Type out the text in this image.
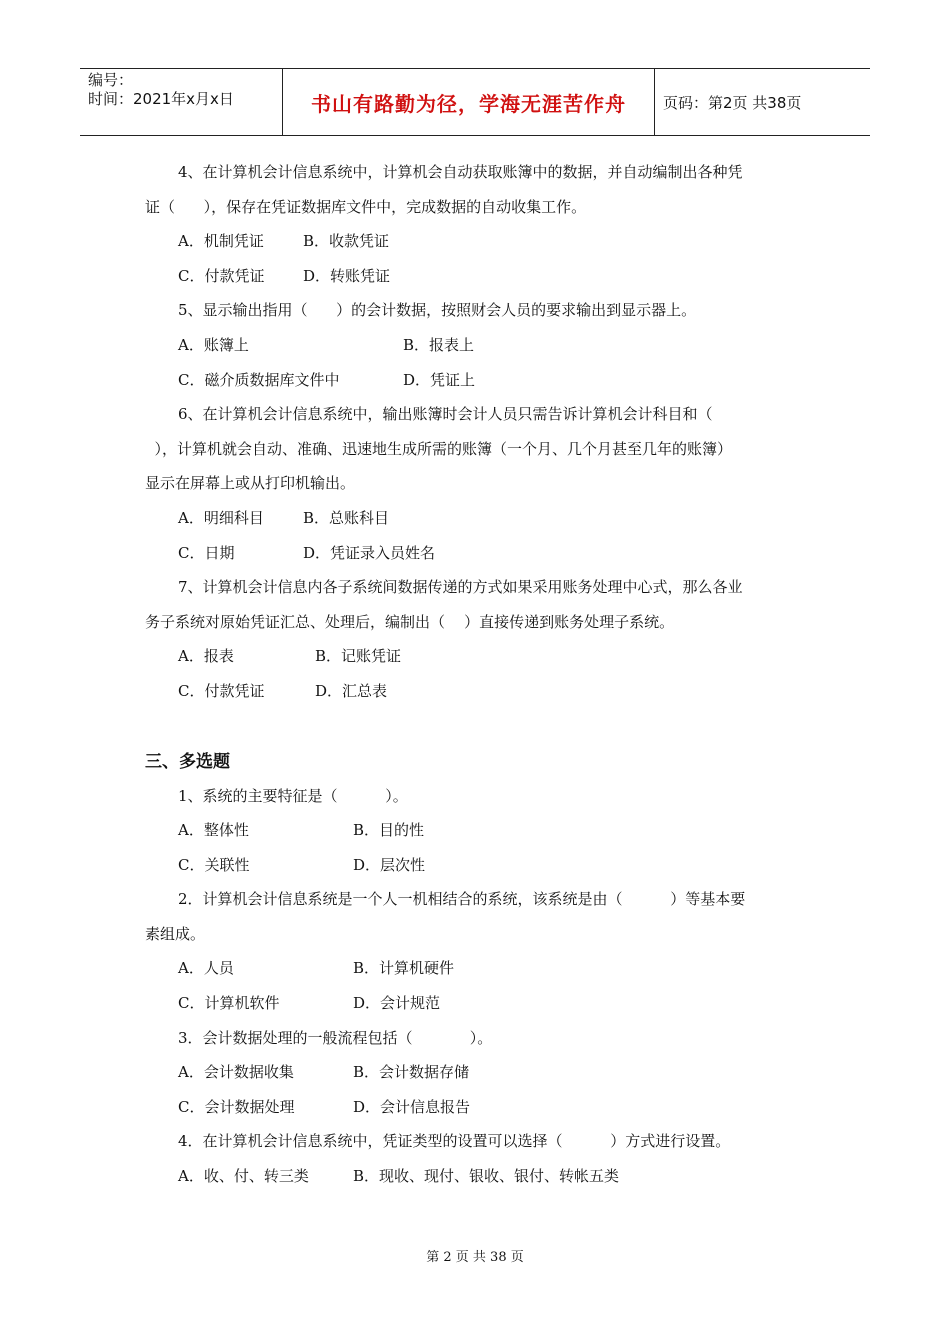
编号：
时间：2021年x月x日	书山有路勤为径，学海无涯苦作舟	页码：第2页 共38页
4、在计算机会计信息系统中，计算机会自动获取账簿中的数据，并自动编制出各种凭
证（      ），保存在凭证数据库文件中，完成数据的自动收集工作。
A．机制凭证	B．收款凭证
C．付款凭证	D．转账凭证
5、显示输出指用（      ）的会计数据，按照财会人员的要求输出到显示器上。
A．账簿上	B．报表上
C．磁介质数据库文件中	D．凭证上
6、在计算机会计信息系统中，输出账簿时会计人员只需告诉计算机会计科目和（
），计算机就会自动、准确、迅速地生成所需的账簿（一个月、几个月甚至几年的账簿）
显示在屏幕上或从打印机输出。
A．明细科目	B．总账科目
C．日期	D．凭证录入员姓名
7、计算机会计信息内各子系统间数据传递的方式如果采用账务处理中心式，那么各业
务子系统对原始凭证汇总、处理后，编制出（    ）直接传递到账务处理子系统。
A．报表	B．记账凭证
C．付款凭证	D．汇总表
三、多选题
1、系统的主要特征是（          ）。
A．整体性	B．目的性
C．关联性	D．层次性
2．计算机会计信息系统是一个人一机相结合的系统，该系统是由（          ）等基本要
素组成。
A．人员	B．计算机硬件
C．计算机软件	D．会计规范
3．会计数据处理的一般流程包括（            ）。
A．会计数据收集	B．会计数据存储
C．会计数据处理	D．会计信息报告
4．在计算机会计信息系统中，凭证类型的设置可以选择（          ）方式进行设置。
A．收、付、转三类	B．现收、现付、银收、银付、转帐五类
第 2 页 共 38 页
